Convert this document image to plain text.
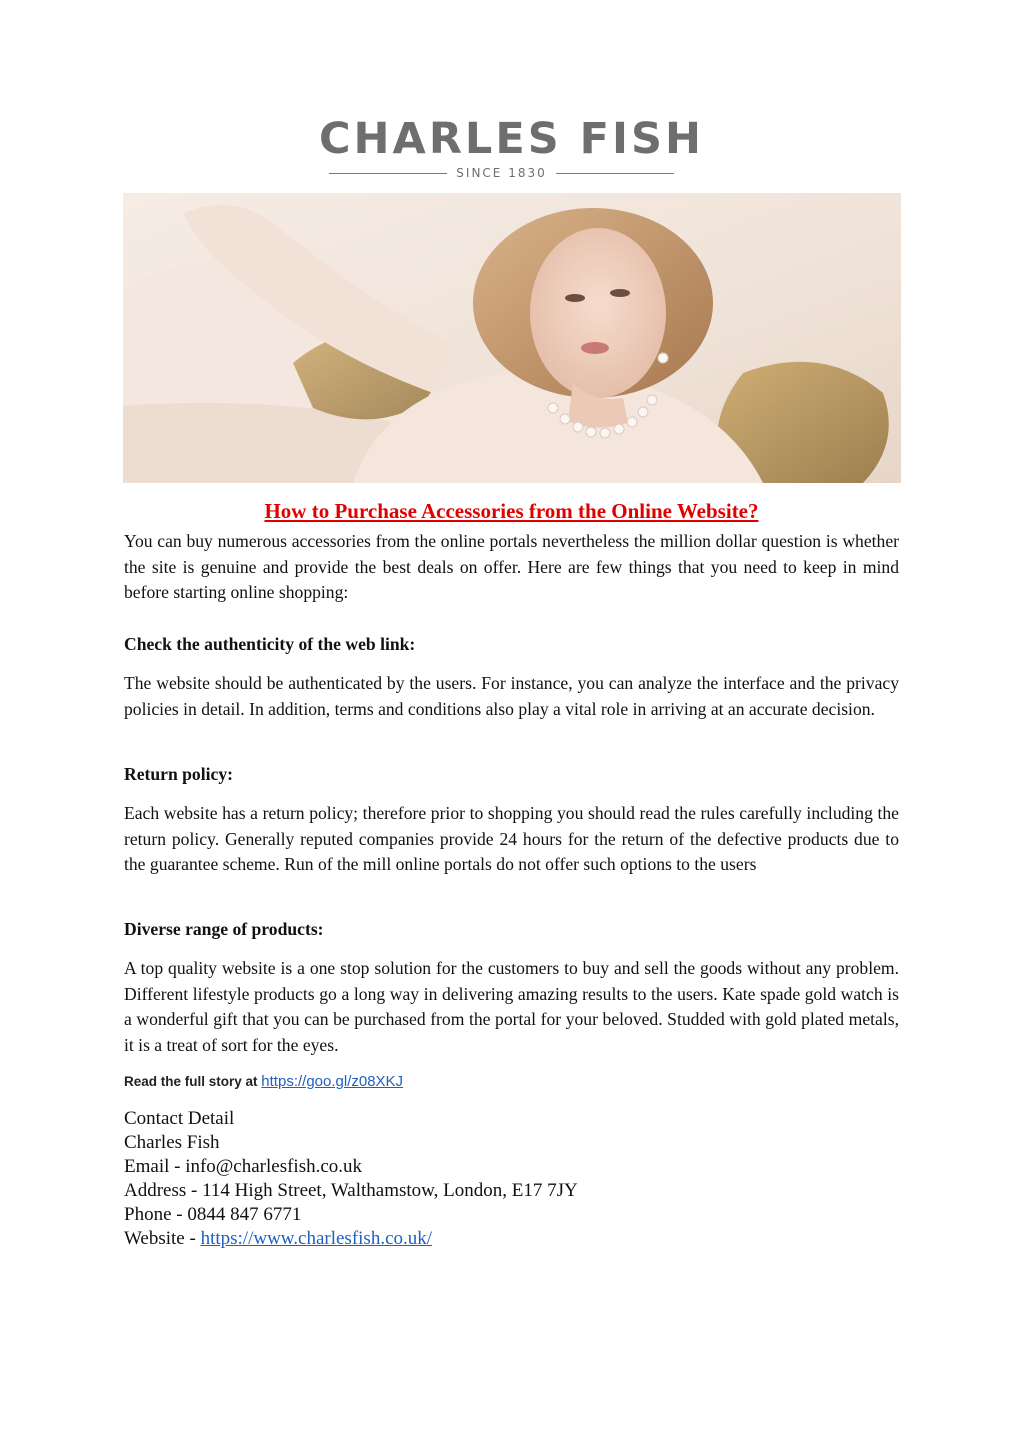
CHARLES FISH
SINCE 1830
How to Purchase Accessories from the Online Website?

You can buy numerous accessories from the online portals nevertheless the million dollar question is whether the site is genuine and provide the best deals on offer. Here are few things that you need to keep in mind before starting online shopping:

Check the authenticity of the web link:

The website should be authenticated by the users. For instance, you can analyze the interface and the privacy policies in detail. In addition, terms and conditions also play a vital role in arriving at an accurate decision.

Return policy:

Each website has a return policy; therefore prior to shopping you should read the rules carefully including the return policy. Generally reputed companies provide 24 hours for the return of the defective products due to the guarantee scheme. Run of the mill online portals do not offer such options to the users

Diverse range of products:

A top quality website is a one stop solution for the customers to buy and sell the goods without any problem. Different lifestyle products go a long way in delivering amazing results to the users. Kate spade gold watch is a wonderful gift that you can be purchased from the portal for your beloved. Studded with gold plated metals, it is a treat of sort for the eyes.

Read the full story at https://goo.gl/z08XKJ
Contact Detail
Charles Fish
Email - info@charlesfish.co.uk
Address - 114 High Street, Walthamstow, London, E17 7JY
Phone - 0844 847 6771
Website - https://www.charlesfish.co.uk/
